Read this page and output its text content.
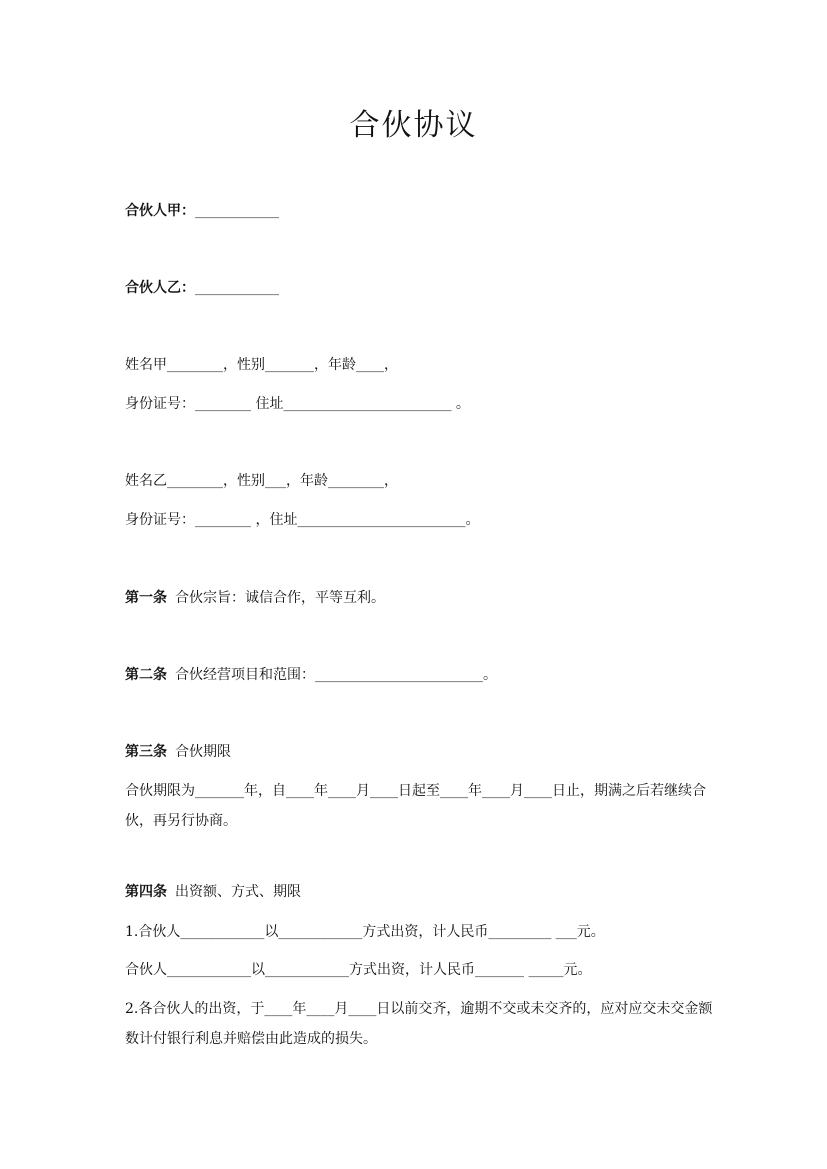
合伙协议

合伙人甲：____________

合伙人乙：____________

姓名甲________，性别_______，年龄____，

身份证号：________ 住址________________________ 。

姓名乙________，性别___，年龄________，

身份证号：________ ，住址________________________。

第一条 合伙宗旨：诚信合作，平等互利。

第二条 合伙经营项目和范围：________________________。

第三条 合伙期限

合伙期限为_______年，自____年____月____日起至____年____月____日止，期满之后若继续合伙，再另行协商。

第四条 出资额、方式、期限

1.合伙人____________以____________方式出资，计人民币_________ ___元。

合伙人____________以____________方式出资，计人民币_______ _____元。

2.各合伙人的出资，于____年____月____日以前交齐，逾期不交或未交齐的，应对应交未交金额数计付银行利息并赔偿由此造成的损失。
